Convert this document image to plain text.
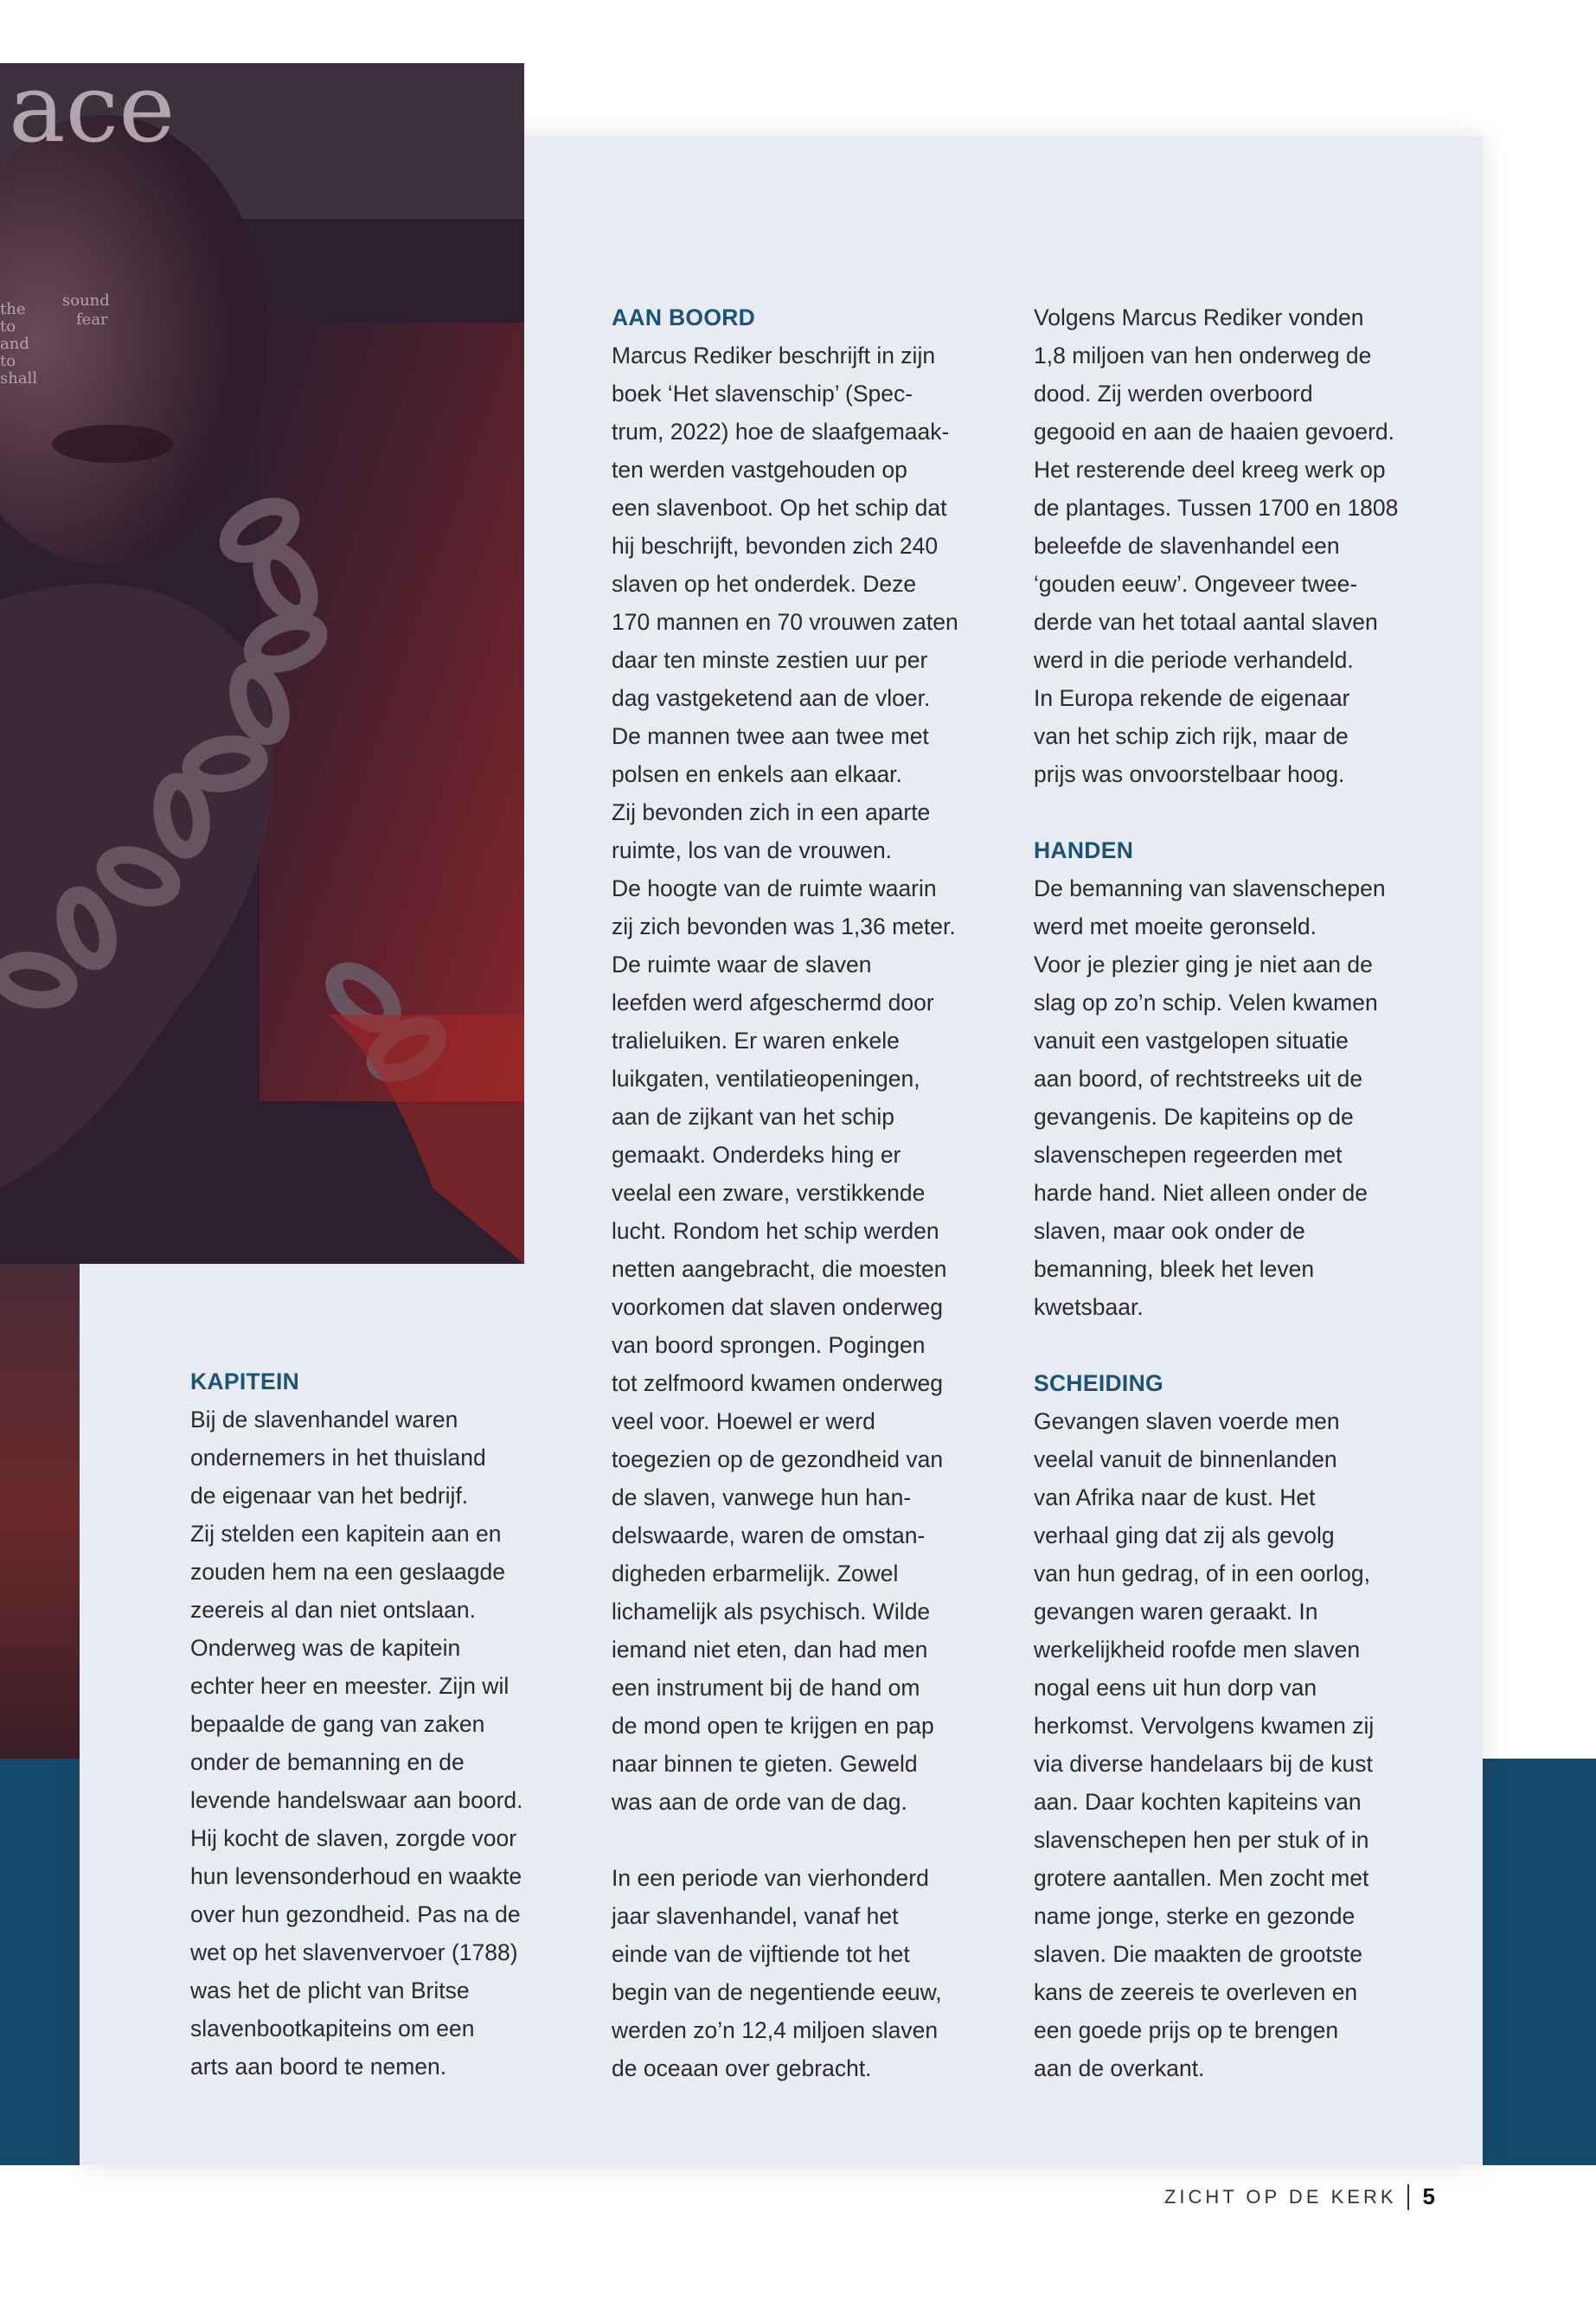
ace
the
to
and
to
shall
sound
fear

KAPITEIN

Bij de slavenhandel waren

ondernemers in het thuisland

de eigenaar van het bedrijf.

Zij stelden een kapitein aan en

zouden hem na een geslaagde

zeereis al dan niet ontslaan.

Onderweg was de kapitein

echter heer en meester. Zijn wil

bepaalde de gang van zaken

onder de bemanning en de

levende handelswaar aan boord.

Hij kocht de slaven, zorgde voor

hun levensonderhoud en waakte

over hun gezondheid. Pas na de

wet op het slavenvervoer (1788)

was het de plicht van Britse

slavenbootkapiteins om een

arts aan boord te nemen.

AAN BOORD

Marcus Rediker beschrijft in zijn

boek ‘Het slavenschip’ (Spec-

trum, 2022) hoe de slaafgemaak-

ten werden vastgehouden op

een slavenboot. Op het schip dat

hij beschrijft, bevonden zich 240

slaven op het onderdek. Deze

170 mannen en 70 vrouwen zaten

daar ten minste zestien uur per

dag vastgeketend aan de vloer.

De mannen twee aan twee met

polsen en enkels aan elkaar.

Zij bevonden zich in een aparte

ruimte, los van de vrouwen.

De hoogte van de ruimte waarin

zij zich bevonden was 1,36 meter.

De ruimte waar de slaven

leefden werd afgeschermd door

tralieluiken. Er waren enkele

luikgaten, ventilatieopeningen,

aan de zijkant van het schip

gemaakt. Onderdeks hing er

veelal een zware, verstikkende

lucht. Rondom het schip werden

netten aangebracht, die moesten

voorkomen dat slaven onderweg

van boord sprongen. Pogingen

tot zelfmoord kwamen onderweg

veel voor. Hoewel er werd

toegezien op de gezondheid van

de slaven, vanwege hun han-

delswaarde, waren de omstan-

digheden erbarmelijk. Zowel

lichamelijk als psychisch. Wilde

iemand niet eten, dan had men

een instrument bij de hand om

de mond open te krijgen en pap

naar binnen te gieten. Geweld

was aan de orde van de dag.

In een periode van vierhonderd

jaar slavenhandel, vanaf het

einde van de vijftiende tot het

begin van de negentiende eeuw,

werden zo’n 12,4 miljoen slaven

de oceaan over gebracht.

Volgens Marcus Rediker vonden

1,8 miljoen van hen onderweg de

dood. Zij werden overboord

gegooid en aan de haaien gevoerd.

Het resterende deel kreeg werk op

de plantages. Tussen 1700 en 1808

beleefde de slavenhandel een

‘gouden eeuw’. Ongeveer twee-

derde van het totaal aantal slaven

werd in die periode verhandeld.

In Europa rekende de eigenaar

van het schip zich rijk, maar de

prijs was onvoorstelbaar hoog.

HANDEN

De bemanning van slavenschepen

werd met moeite geronseld.

Voor je plezier ging je niet aan de

slag op zo’n schip. Velen kwamen

vanuit een vastgelopen situatie

aan boord, of rechtstreeks uit de

gevangenis. De kapiteins op de

slavenschepen regeerden met

harde hand. Niet alleen onder de

slaven, maar ook onder de

bemanning, bleek het leven

kwetsbaar.

SCHEIDING

Gevangen slaven voerde men

veelal vanuit de binnenlanden

van Afrika naar de kust. Het

verhaal ging dat zij als gevolg

van hun gedrag, of in een oorlog,

gevangen waren geraakt. In

werkelijkheid roofde men slaven

nogal eens uit hun dorp van

herkomst. Vervolgens kwamen zij

via diverse handelaars bij de kust

aan. Daar kochten kapiteins van

slavenschepen hen per stuk of in

grotere aantallen. Men zocht met

name jonge, sterke en gezonde

slaven. Die maakten de grootste

kans de zeereis te overleven en

een goede prijs op te brengen

aan de overkant.

ZICHT OP DE KERK 5
